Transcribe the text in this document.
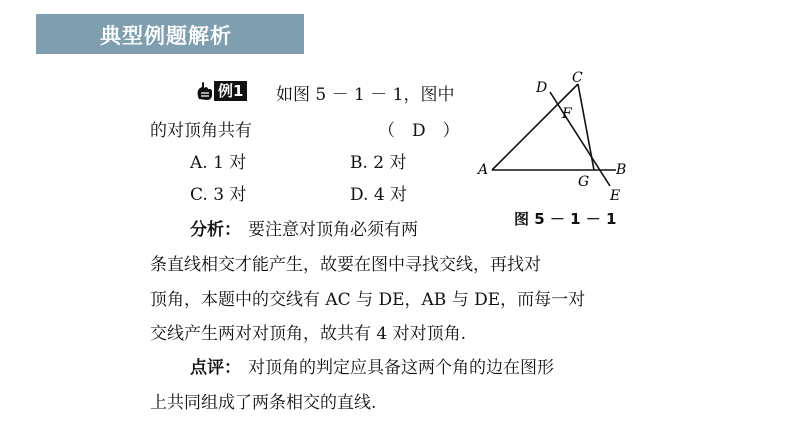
典型例题解析
例1 如图 5 － 1 － 1，图中
的对顶角共有	（　D　）
A. 1 对	B. 2 对
C. 3 对	D. 4 对
分析： 要注意对顶角必须有两
条直线相交才能产生，故要在图中寻找交线，再找对
顶角，本题中的交线有 AC 与 DE，AB 与 DE，而每一对
交线产生两对对顶角，故共有 4 对对顶角.
点评： 对顶角的判定应具备这两个角的边在图形
上共同组成了两条相交的直线.
A	B
C
D
E
F
G
图 5 － 1 － 1
